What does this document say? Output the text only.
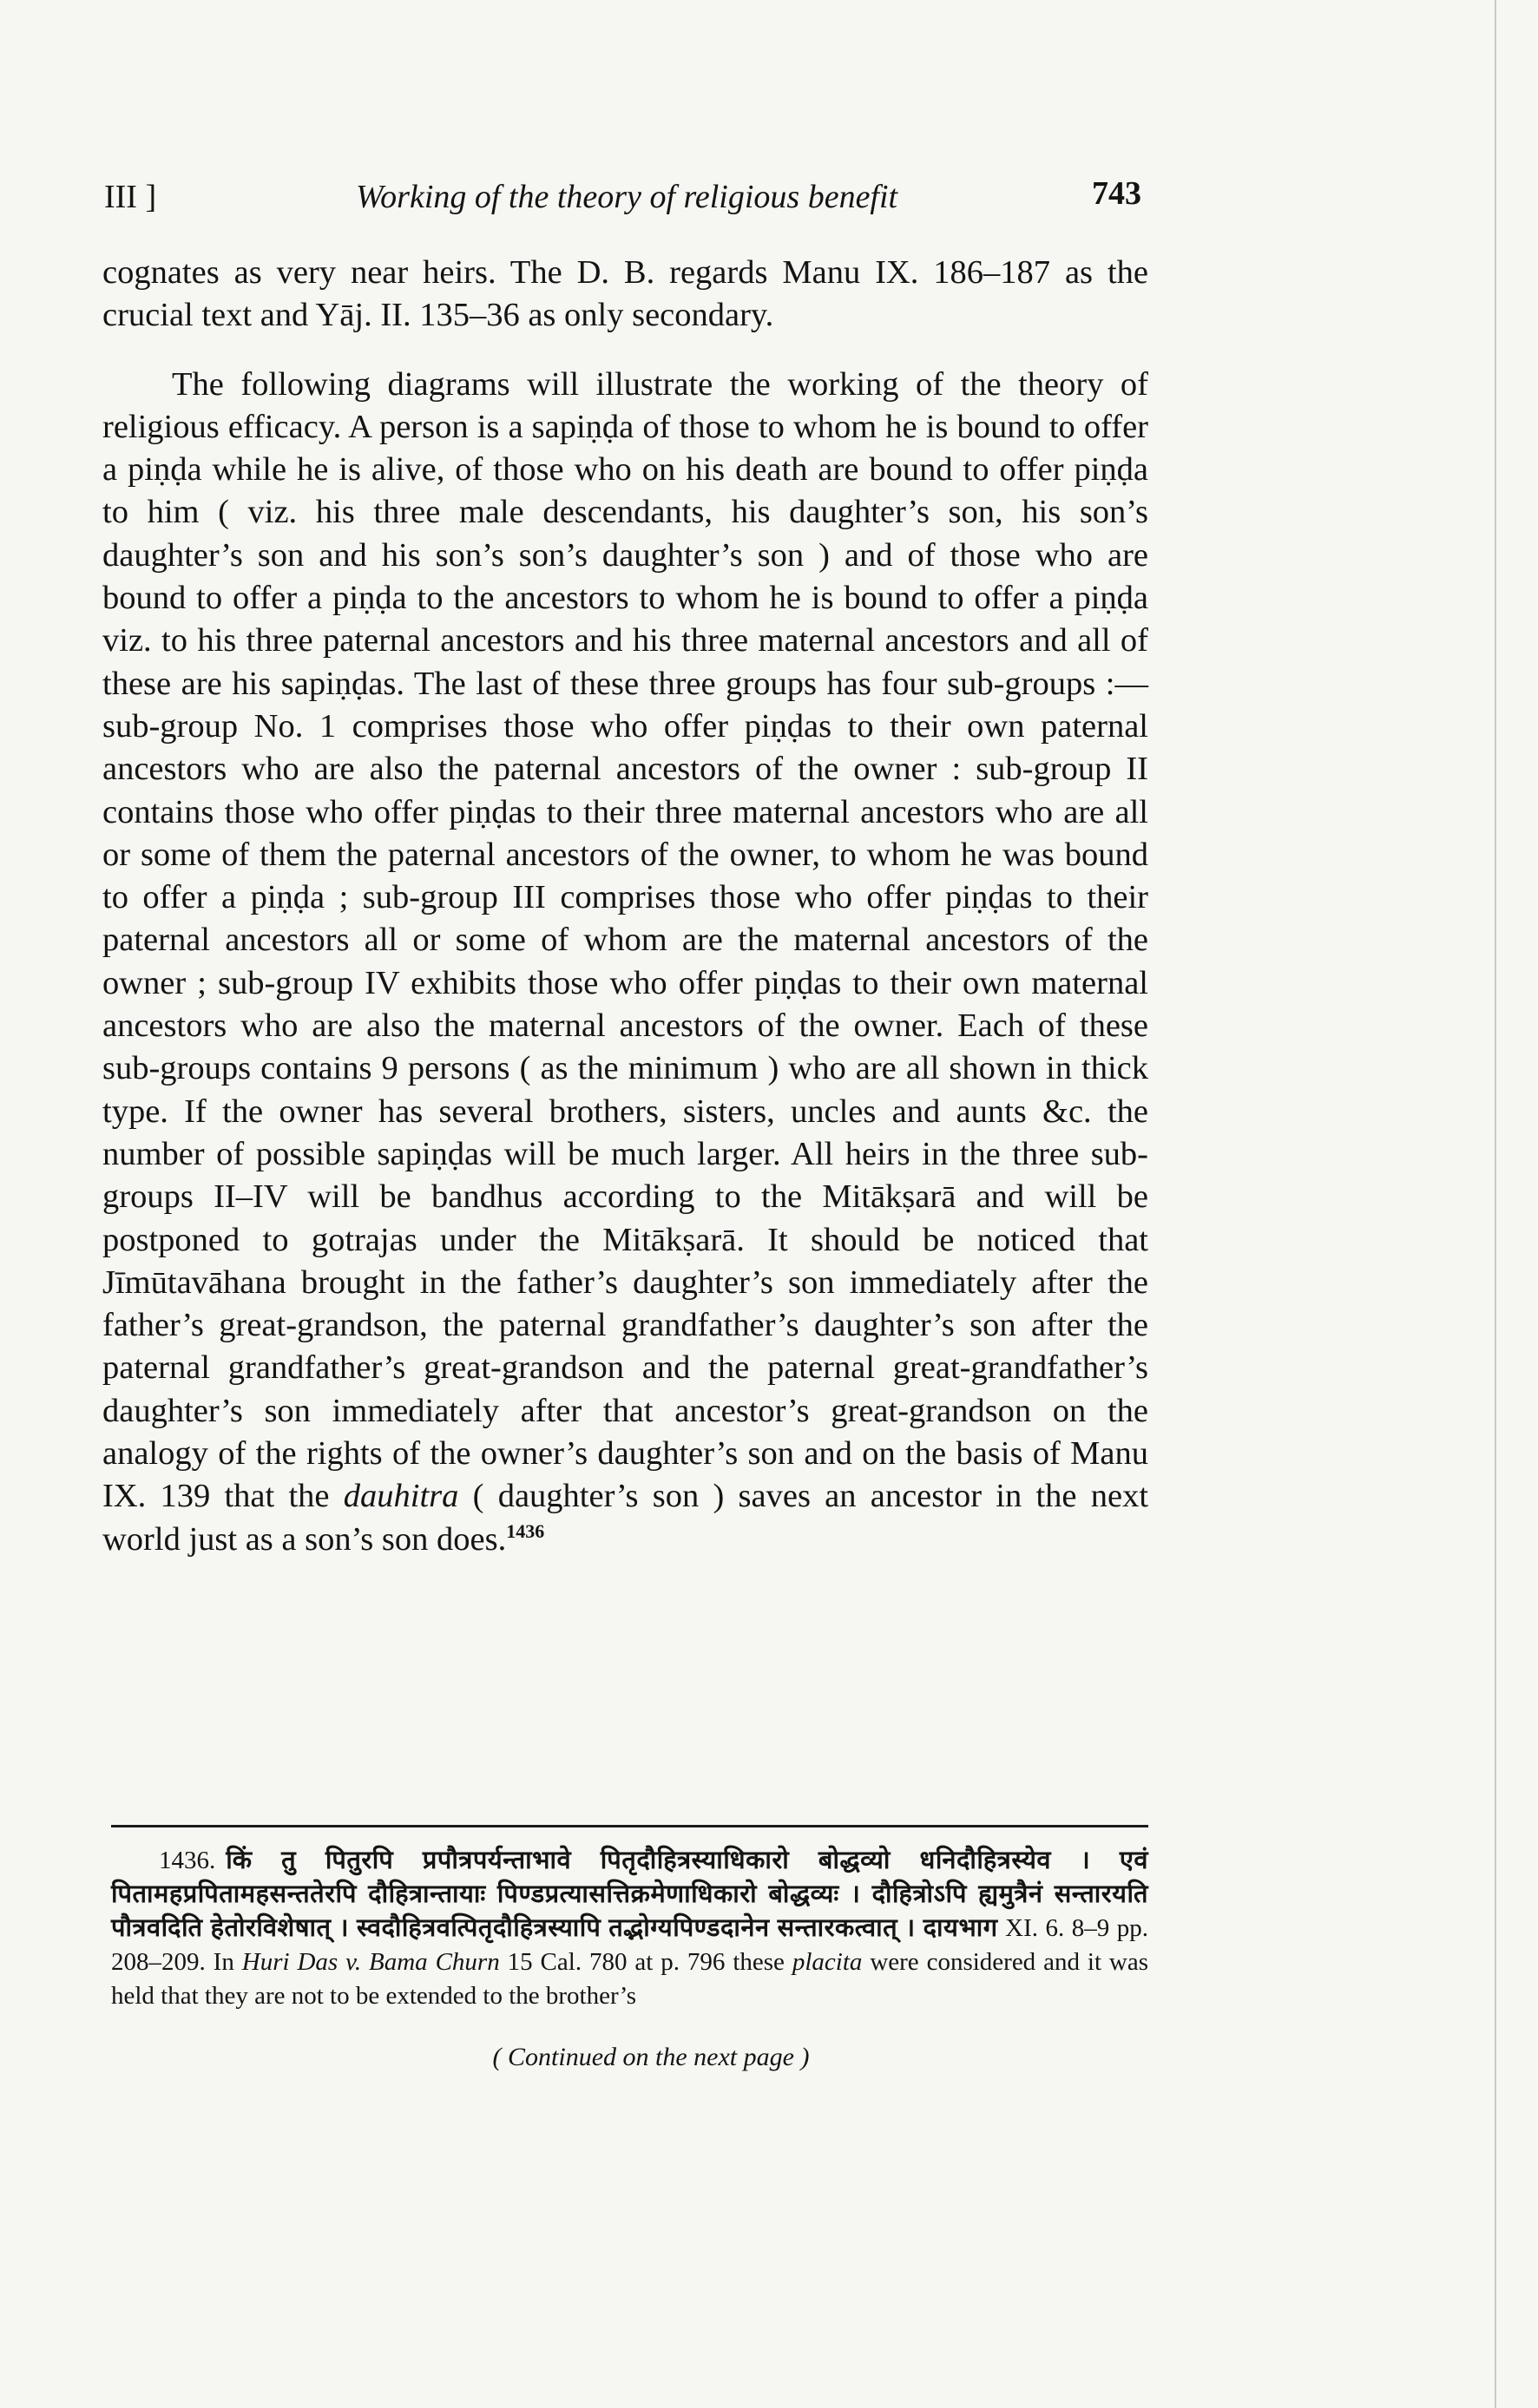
III ]	Working of the theory of religious benefit	743

cognates as very near heirs. The D. B. regards Manu IX. 186–187 as the crucial text and Yāj. II. 135–36 as only secondary.

The following diagrams will illustrate the working of the theory of religious efficacy. A person is a sapiṇḍa of those to whom he is bound to offer a piṇḍa while he is alive, of those who on his death are bound to offer piṇḍa to him ( viz. his three male descendants, his daughter’s son, his son’s daughter’s son and his son’s son’s daughter’s son ) and of those who are bound to offer a piṇḍa to the ancestors to whom he is bound to offer a piṇḍa viz. to his three paternal ancestors and his three maternal ancestors and all of these are his sapiṇḍas. The last of these three groups has four sub-groups :—sub-group No. 1 comprises those who offer piṇḍas to their own paternal ancestors who are also the paternal ancestors of the owner : sub-group II contains those who offer piṇḍas to their three maternal ancestors who are all or some of them the paternal ancestors of the owner, to whom he was bound to offer a piṇḍa ; sub-group III comprises those who offer piṇḍas to their paternal ancestors all or some of whom are the maternal ancestors of the owner ; sub-group IV exhibits those who offer piṇḍas to their own maternal ancestors who are also the maternal ancestors of the owner. Each of these sub-groups contains 9 persons ( as the minimum ) who are all shown in thick type. If the owner has several brothers, sisters, uncles and aunts &c. the number of possible sapiṇḍas will be much larger. All heirs in the three sub-groups II–IV will be bandhus according to the Mitākṣarā and will be postponed to gotrajas under the Mitākṣarā. It should be noticed that Jīmūtavāhana brought in the father’s daughter’s son immediately after the father’s great-grandson, the paternal grandfather’s daughter’s son after the paternal grandfather’s great-grandson and the paternal great-grandfather’s daughter’s son immediately after that ancestor’s great-grandson on the analogy of the rights of the owner’s daughter’s son and on the basis of Manu IX. 139 that the dauhitra ( daughter’s son ) saves an ancestor in the next world just as a son’s son does.$^{1436}$

1436. किं तु पितुरपि प्रपौत्रपर्यन्ताभावे पितृदौहित्रस्याधिकारो बोद्धव्यो धनिदौहित्रस्येव । एवं पितामहप्रपितामहसन्ततेरपि दौहित्रान्तायाः पिण्डप्रत्यासत्तिक्रमेणाधिकारो बोद्धव्यः । दौहित्रोऽपि ह्यमुत्रैनं सन्तारयति पौत्रवदिति हेतोरविशेषात् । स्वदौहित्रवत्पितृदौहित्रस्यापि तद्भोग्यपिण्डदानेन सन्तारकत्वात् । दायभाग XI. 6. 8–9 pp. 208–209. In Huri Das v. Bama Churn 15 Cal. 780 at p. 796 these placita were considered and it was held that they are not to be extended to the brother’s
( Continued on the next page )
